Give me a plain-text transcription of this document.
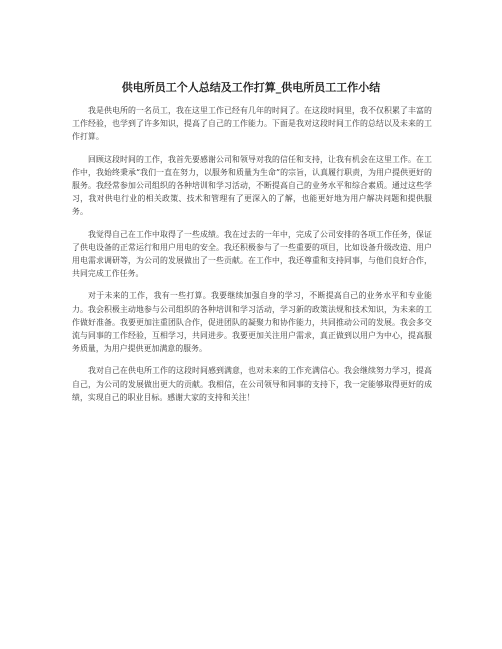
供电所员工个人总结及工作打算_供电所员工工作小结

我是供电所的一名员工，我在这里工作已经有几年的时间了。在这段时间里，我不仅积累了丰富的工作经验，也学到了许多知识，提高了自己的工作能力。下面是我对这段时间工作的总结以及未来的工作打算。

回顾这段时间的工作，我首先要感谢公司和领导对我的信任和支持，让我有机会在这里工作。在工作中，我始终秉承“我们一直在努力，以服务和质量为生命”的宗旨，认真履行职责，为用户提供更好的服务。我经常参加公司组织的各种培训和学习活动，不断提高自己的业务水平和综合素质。通过这些学习，我对供电行业的相关政策、技术和管理有了更深入的了解，也能更好地为用户解决问题和提供服务。

我觉得自己在工作中取得了一些成绩。我在过去的一年中，完成了公司安排的各项工作任务，保证了供电设备的正常运行和用户用电的安全。我还积极参与了一些重要的项目，比如设备升级改造、用户用电需求调研等，为公司的发展做出了一些贡献。在工作中，我还尊重和支持同事，与他们良好合作，共同完成工作任务。

对于未来的工作，我有一些打算。我要继续加强自身的学习，不断提高自己的业务水平和专业能力。我会积极主动地参与公司组织的各种培训和学习活动，学习新的政策法规和技术知识，为未来的工作做好准备。我要更加注重团队合作，促进团队的凝聚力和协作能力，共同推动公司的发展。我会多交流与同事的工作经验，互相学习，共同进步。我要更加关注用户需求，真正做到以用户为中心，提高服务质量，为用户提供更加满意的服务。

我对自己在供电所工作的这段时间感到满意，也对未来的工作充满信心。我会继续努力学习，提高自己，为公司的发展做出更大的贡献。我相信，在公司领导和同事的支持下，我一定能够取得更好的成绩，实现自己的职业目标。感谢大家的支持和关注！
